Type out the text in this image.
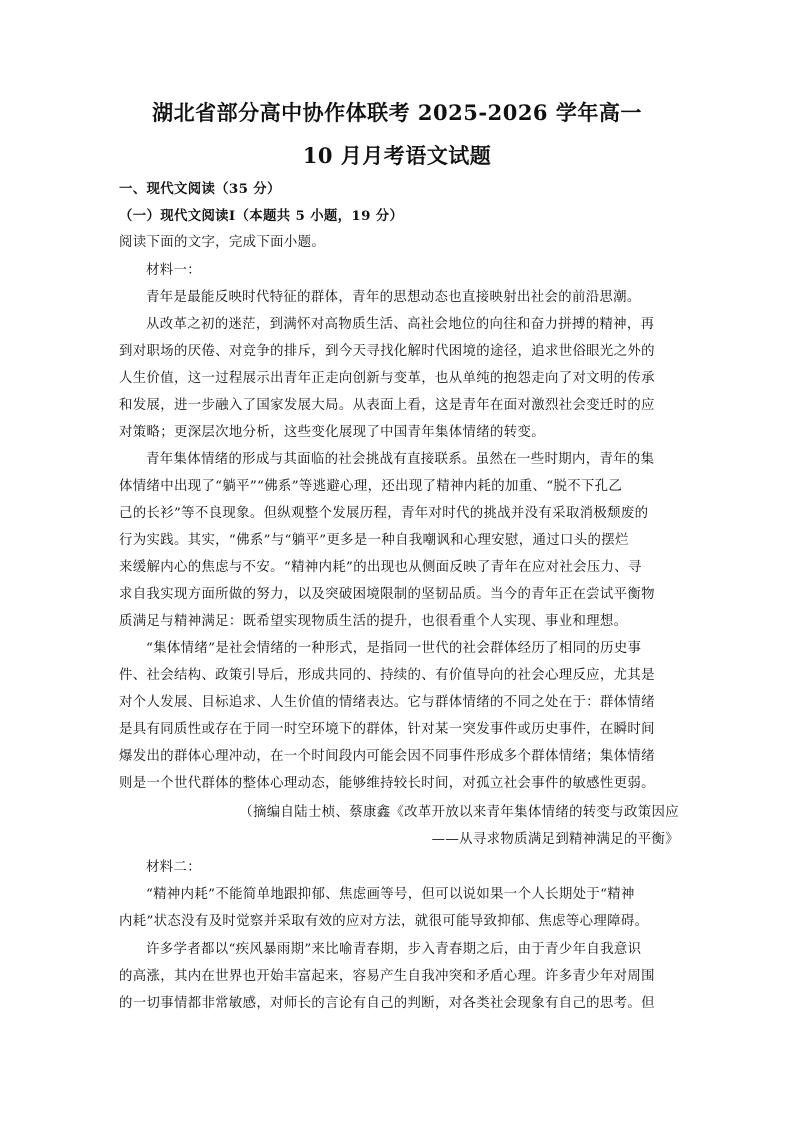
湖北省部分高中协作体联考 2025-2026 学年高一
10 月月考语文试题
一、现代文阅读（35 分）
（一）现代文阅读Ⅰ（本题共 5 小题，19 分）
阅读下面的文字，完成下面小题。
材料一：
青年是最能反映时代特征的群体，青年的思想动态也直接映射出社会的前沿思潮。
从改革之初的迷茫，到满怀对高物质生活、高社会地位的向往和奋力拼搏的精神，再
到对职场的厌倦、对竞争的排斥，到今天寻找化解时代困境的途径，追求世俗眼光之外的
人生价值，这一过程展示出青年正走向创新与变革，也从单纯的抱怨走向了对文明的传承
和发展，进一步融入了国家发展大局。从表面上看，这是青年在面对激烈社会变迁时的应
对策略；更深层次地分析，这些变化展现了中国青年集体情绪的转变。
青年集体情绪的形成与其面临的社会挑战有直接联系。虽然在一些时期内，青年的集
体情绪中出现了“躺平”“佛系”等逃避心理，还出现了精神内耗的加重、“脱不下孔乙
己的长衫”等不良现象。但纵观整个发展历程，青年对时代的挑战并没有采取消极颓废的
行为实践。其实，“佛系”与“躺平”更多是一种自我嘲讽和心理安慰，通过口头的摆烂
来缓解内心的焦虑与不安。“精神内耗”的出现也从侧面反映了青年在应对社会压力、寻
求自我实现方面所做的努力，以及突破困境限制的坚韧品质。当今的青年正在尝试平衡物
质满足与精神满足：既希望实现物质生活的提升，也很看重个人实现、事业和理想。
“集体情绪”是社会情绪的一种形式，是指同一世代的社会群体经历了相同的历史事
件、社会结构、政策引导后，形成共同的、持续的、有价值导向的社会心理反应，尤其是
对个人发展、目标追求、人生价值的情绪表达。它与群体情绪的不同之处在于：群体情绪
是具有同质性或存在于同一时空环境下的群体，针对某一突发事件或历史事件，在瞬时间
爆发出的群体心理冲动，在一个时间段内可能会因不同事件形成多个群体情绪；集体情绪
则是一个世代群体的整体心理动态，能够维持较长时间，对孤立社会事件的敏感性更弱。
（摘编自陆士桢、蔡康鑫《改革开放以来青年集体情绪的转变与政策因应
——从寻求物质满足到精神满足的平衡》
材料二：
“精神内耗”不能简单地跟抑郁、焦虑画等号，但可以说如果一个人长期处于“精神
内耗”状态没有及时觉察并采取有效的应对方法，就很可能导致抑郁、焦虑等心理障碍。
许多学者都以“疾风暴雨期”来比喻青春期，步入青春期之后，由于青少年自我意识
的高涨，其内在世界也开始丰富起来，容易产生自我冲突和矛盾心理。许多青少年对周围
的一切事情都非常敏感，对师长的言论有自己的判断，对各类社会现象有自己的思考。但
